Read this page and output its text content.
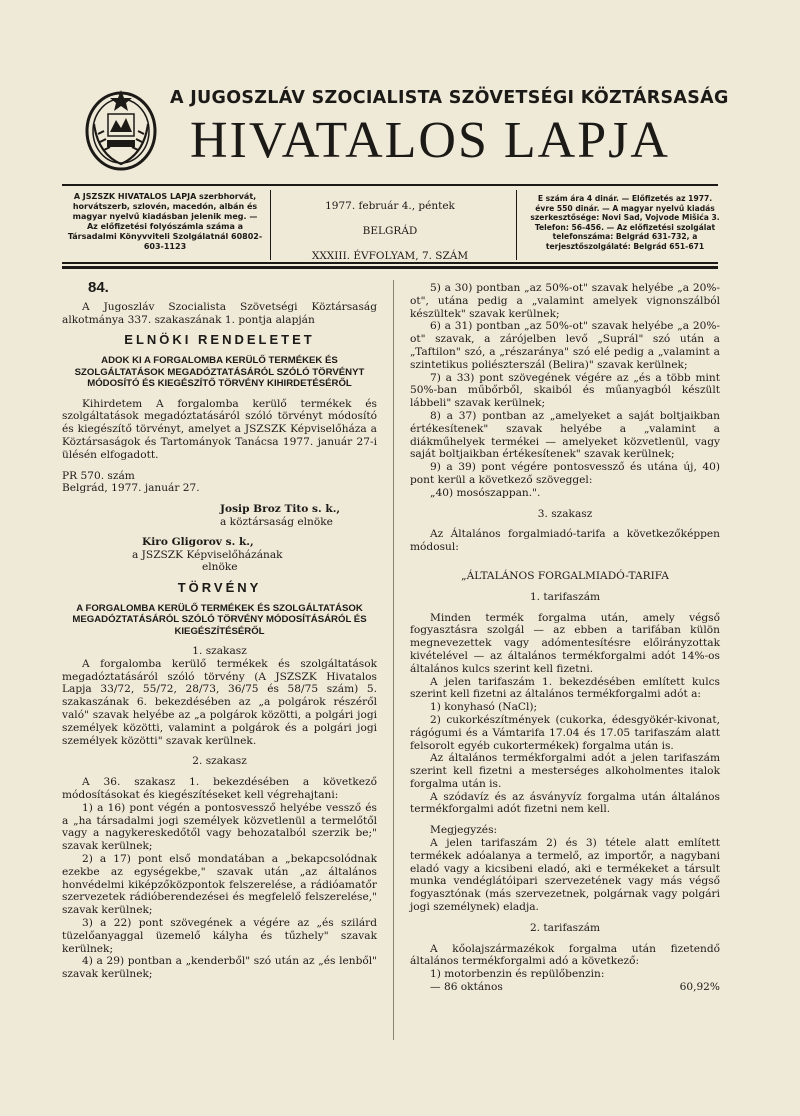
A JUGOSZLÁV SZOCIALISTA SZÖVETSÉGI KÖZTÁRSASÁG
HIVATALOS LAPJA
A JSZSZK HIVATALOS LAPJA szerbhorvát, horvátszerb, szlovén, macedón, albán és magyar nyelvű kiadásban jelenik meg. — Az előfizetési folyószámla száma a Társadalmi Könyvviteli Szolgálatnál 60802-603-1123
1977. február 4., péntek
BELGRÁD
XXXIII. ÉVFOLYAM, 7. SZÁM
E szám ára 4 dinár. — Előfizetés az 1977. évre 550 dinár. — A magyar nyelvű kiadás szerkesztősége: Novi Sad, Vojvode Mišića 3. Telefon: 56-456. — Az előfizetési szolgálat telefonszáma: Belgrád 631-732, a terjesztőszolgálaté: Belgrád 651-671
84.

A Jugoszláv Szocialista Szövetségi Köztársaság alkotmánya 337. szakaszának 1. pontja alapján

ELNÖKI RENDELETET

ADOK KI A FORGALOMBA KERÜLŐ TERMÉKEK ÉS SZOLGÁLTATÁSOK MEGADÓZTATÁSÁRÓL SZÓLÓ TÖRVÉNYT MÓDOSÍTÓ ÉS KIEGÉSZÍTŐ TÖRVÉNY KIHIRDETÉSÉRŐL

Kihirdetem A forgalomba kerülő termékek és szolgáltatások megadóztatásáról szóló törvényt módosító és kiegészítő törvényt, amelyet a JSZSZK Képviselőháza a Köztársaságok és Tartományok Tanácsa 1977. január 27-i ülésén elfogadott.

PR 570. szám

Belgrád, 1977. január 27.

Josip Broz Tito s. k.,

a köztársaság elnöke

Kiro Gligorov s. k.,

a JSZSZK Képviselőházának

elnöke

TÖRVÉNY

A FORGALOMBA KERÜLŐ TERMÉKEK ÉS SZOLGÁLTATÁSOK MEGADÓZTATÁSÁRÓL SZÓLÓ TÖRVÉNY MÓDOSÍTÁSÁRÓL ÉS KIEGÉSZÍTÉSÉRŐL

1. szakasz

A forgalomba kerülő termékek és szolgáltatások megadóztatásáról szóló törvény (A JSZSZK Hivatalos Lapja 33/72, 55/72, 28/73, 36/75 és 58/75 szám) 5. szakaszának 6. bekezdésében az „a polgárok részéről való" szavak helyébe az „a polgárok közötti, a polgári jogi személyek közötti, valamint a polgárok és a polgári jogi személyek közötti" szavak kerülnek.

2. szakasz

A 36. szakasz 1. bekezdésében a következő módosításokat és kiegészítéseket kell végrehajtani:

1) a 16) pont végén a pontosvessző helyébe vessző és a „ha társadalmi jogi személyek közvetlenül a termelőtől vagy a nagykereskedőtől vagy behozatalból szerzik be;" szavak kerülnek;

2) a 17) pont első mondatában a „bekapcsolódnak ezekbe az egységekbe," szavak után „az általános honvédelmi kiképzőközpontok felszerelése, a rádióamatőr szervezetek rádióberendezései és megfelelő felszerelése," szavak kerülnek;

3) a 22) pont szövegének a végére az „és szilárd tüzelőanyaggal üzemelő kályha és tűzhely" szavak kerülnek;

4) a 29) pontban a „kenderből" szó után az „és lenből" szavak kerülnek;

5) a 30) pontban „az 50%-ot" szavak helyébe „a 20%-ot", utána pedig a „valamint amelyek vignonszálból készültek" szavak kerülnek;

6) a 31) pontban „az 50%-ot" szavak helyébe „a 20%-ot" szavak, a zárójelben levő „Suprál" szó után a „Taftilon" szó, a „részaránya" szó elé pedig a „valamint a szintetikus poliészterszál (Belira)" szavak kerülnek;

7) a 33) pont szövegének végére az „és a több mint 50%-ban műbőrből, skaiból és műanyagból készült lábbeli" szavak kerülnek;

8) a 37) pontban az „amelyeket a saját boltjaikban értékesítenek" szavak helyébe a „valamint a diákműhelyek termékei — amelyeket közvetlenül, vagy saját boltjaikban értékesítenek" szavak kerülnek;

9) a 39) pont végére pontosvessző és utána új, 40) pont kerül a következő szöveggel:

„40) mosószappan.".

3. szakasz

Az Általános forgalmiadó-tarifa a következőképpen módosul:

„ÁLTALÁNOS FORGALMIADÓ-TARIFA

1. tarifaszám

Minden termék forgalma után, amely végső fogyasztásra szolgál — az ebben a tarifában külön megnevezettek vagy adómentesítésre előirányzottak kivételével — az általános termékforgalmi adót 14%-os általános kulcs szerint kell fizetni.

A jelen tarifaszám 1. bekezdésében említett kulcs szerint kell fizetni az általános termékforgalmi adót a:

1) konyhasó (NaCl);

2) cukorkészítmények (cukorka, édesgyökér-kivonat, rágógumi és a Vámtarifa 17.04 és 17.05 tarifaszám alatt felsorolt egyéb cukortermékek) forgalma után is.

Az általános termékforgalmi adót a jelen tarifaszám szerint kell fizetni a mesterséges alkoholmentes italok forgalma után is.

A szódavíz és az ásványvíz forgalma után általános termékforgalmi adót fizetni nem kell.

Megjegyzés:

A jelen tarifaszám 2) és 3) tétele alatt említett termékek adóalanya a termelő, az importőr, a nagybani eladó vagy a kicsibeni eladó, aki e termékeket a társult munka vendéglátóipari szervezetének vagy más végső fogyasztónak (más szervezetnek, polgárnak vagy polgári jogi személynek) eladja.

2. tarifaszám

A kőolajszármazékok forgalma után fizetendő általános termékforgalmi adó a következő:

1) motorbenzin és repülőbenzin:

— 86 oktános	60,92%
